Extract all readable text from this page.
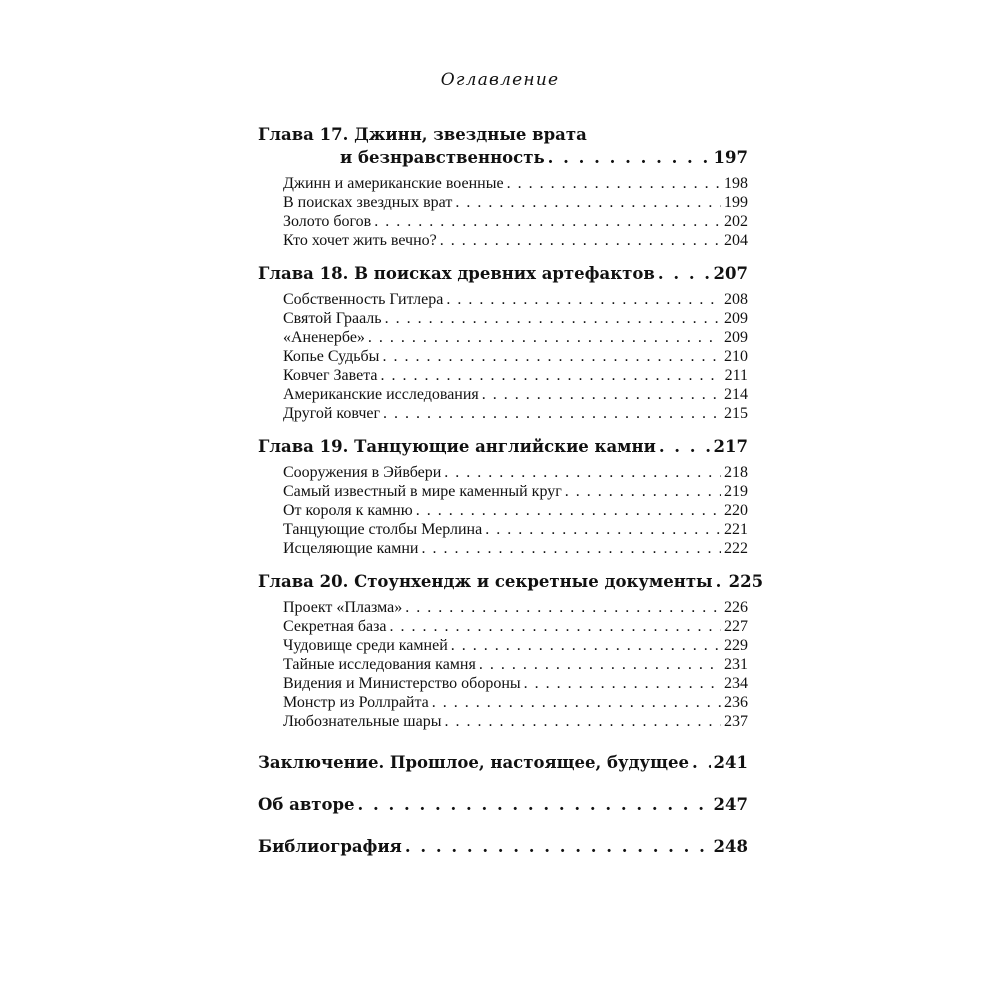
Оглавление
Глава 17. Джинн, звездные врата
и безнравственность . . .	197
Джинн и американские военные . . .	198
В поисках звездных врат . . .	199
Золото богов . . .	202
Кто хочет жить вечно? . . .	204
Глава 18. В поисках древних артефактов . . .	207
Собственность Гитлера . . .	208
Святой Грааль . . .	209
«Аненербе» . . .	209
Копье Судьбы . . .	210
Ковчег Завета . . .	211
Американские исследования . . .	214
Другой ковчег . . .	215
Глава 19. Танцующие английские камни . . .	217
Сооружения в Эйвбери . . .	218
Самый известный в мире каменный круг . . .	219
От короля к камню . . .	220
Танцующие столбы Мерлина . . .	221
Исцеляющие камни . . .	222
Глава 20. Стоунхендж и секретные документы . . . 225
Проект «Плазма» . . .	226
Секретная база . . .	227
Чудовище среди камней . . .	229
Тайные исследования камня . . .	231
Видения и Министерство обороны . . .	234
Монстр из Роллрайта . . .	236
Любознательные шары . . .	237
Заключение. Прошлое, настоящее, будущее . . . 241
Об авторе . . .	247
Библиография . . .	248
